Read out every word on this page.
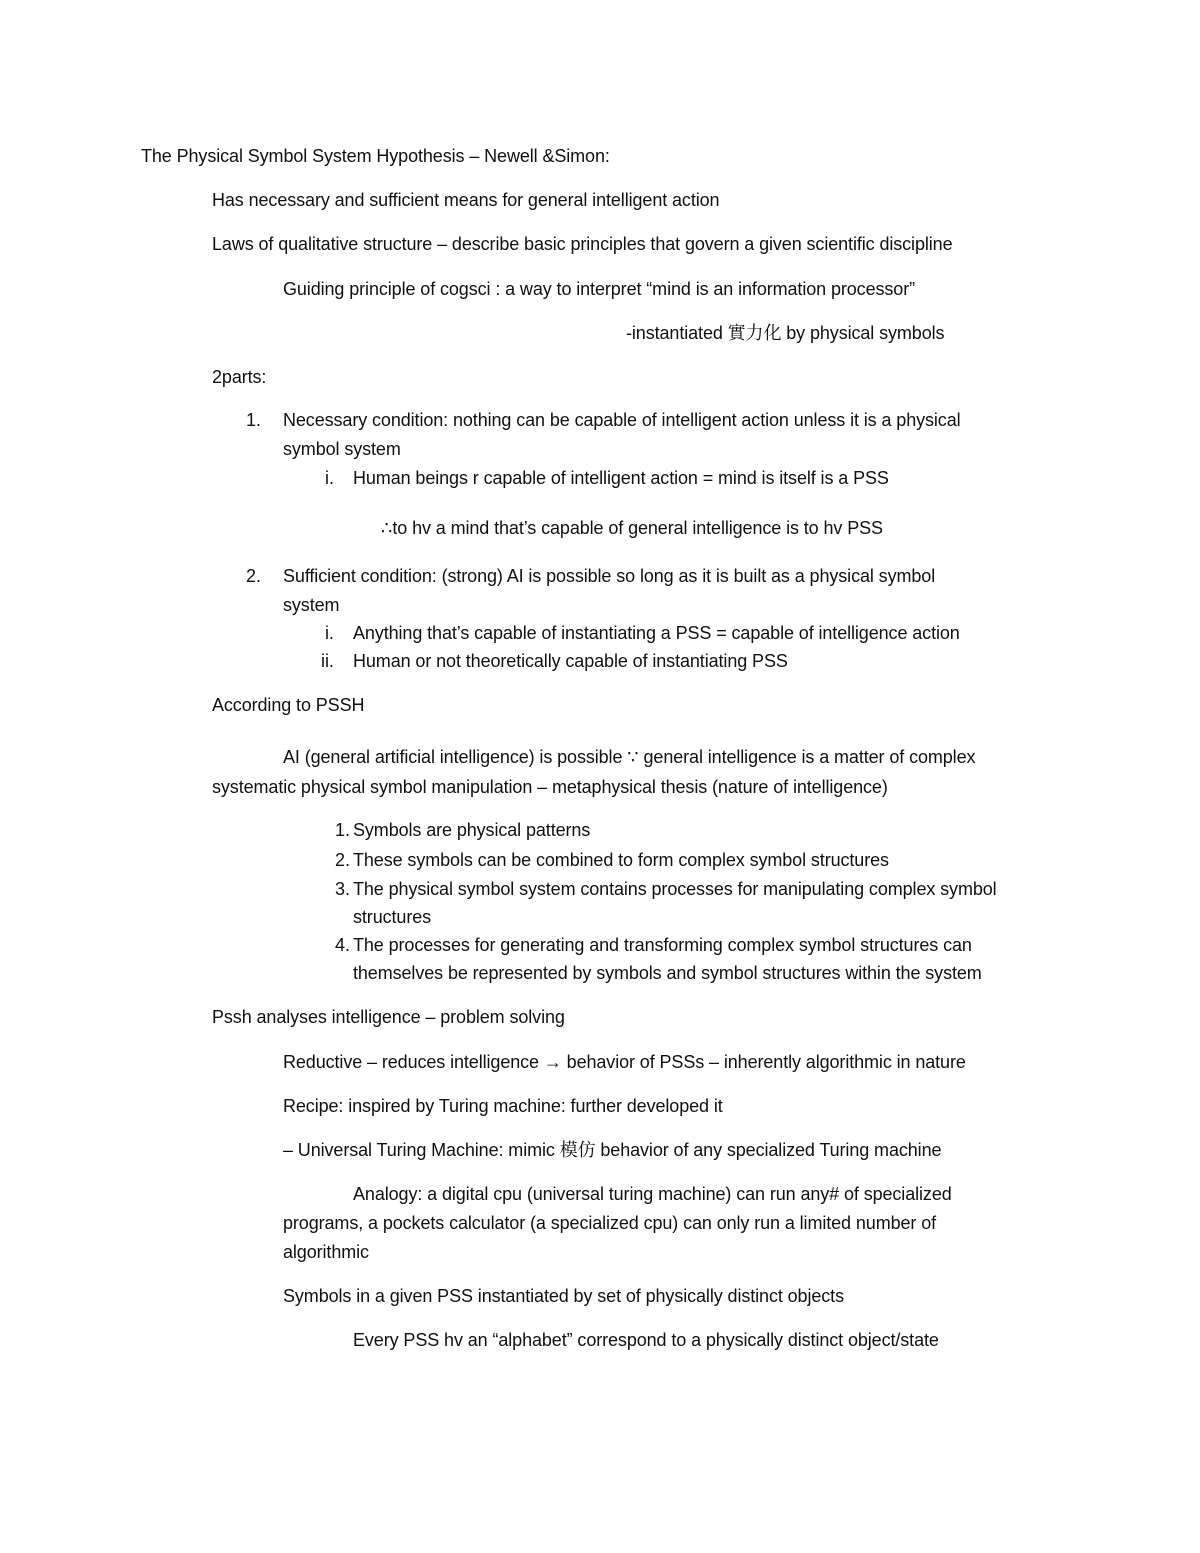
The Physical Symbol System Hypothesis – Newell &Simon:
Has necessary and sufficient means for general intelligent action
Laws of qualitative structure – describe basic principles that govern a given scientific discipline
Guiding principle of cogsci : a way to interpret “mind is an information processor”
-instantiated 實力化 by physical symbols
2parts:
1. Necessary condition: nothing can be capable of intelligent action unless it is a physical
symbol system
i. Human beings r capable of intelligent action = mind is itself is a PSS
∴to hv a mind that’s capable of general intelligence is to hv PSS
2. Sufficient condition: (strong) AI is possible so long as it is built as a physical symbol
system
i. Anything that’s capable of instantiating a PSS = capable of intelligence action
ii. Human or not theoretically capable of instantiating PSS
According to PSSH
AI (general artificial intelligence) is possible ∵ general intelligence is a matter of complex
systematic physical symbol manipulation – metaphysical thesis (nature of intelligence)
1. Symbols are physical patterns
2. These symbols can be combined to form complex symbol structures
3. The physical symbol system contains processes for manipulating complex symbol
structures
4. The processes for generating and transforming complex symbol structures can
themselves be represented by symbols and symbol structures within the system
Pssh analyses intelligence – problem solving
Reductive – reduces intelligence → behavior of PSSs – inherently algorithmic in nature
Recipe: inspired by Turing machine: further developed it
– Universal Turing Machine: mimic 模仿 behavior of any specialized Turing machine
Analogy: a digital cpu (universal turing machine) can run any# of specialized
programs, a pockets calculator (a specialized cpu) can only run a limited number of
algorithmic
Symbols in a given PSS instantiated by set of physically distinct objects
Every PSS hv an “alphabet” correspond to a physically distinct object/state
